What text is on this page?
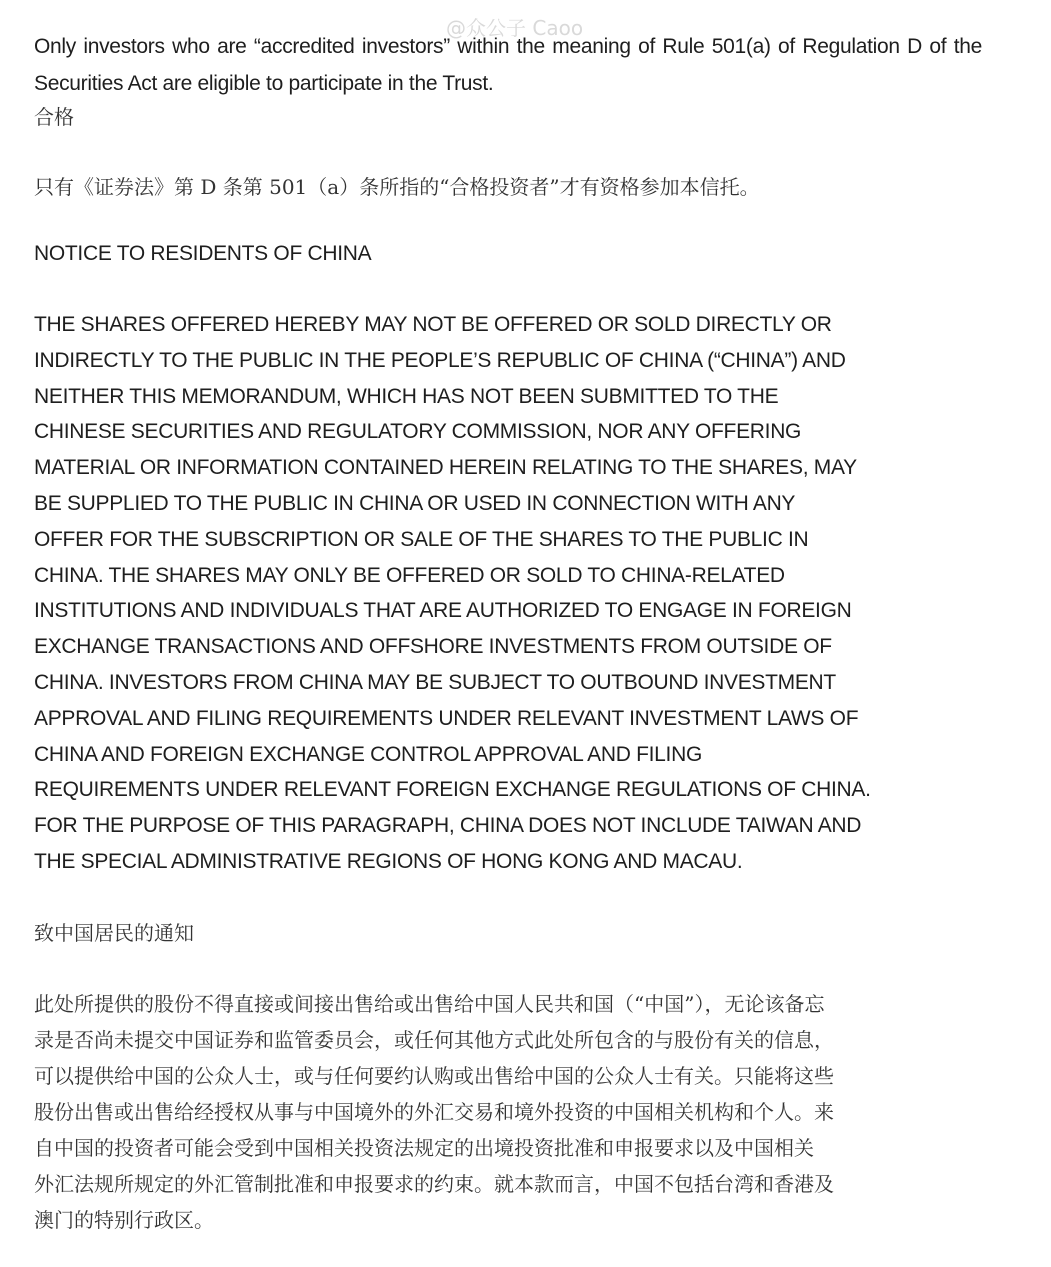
@众公子 Caoo

Only investors who are “accredited investors” within the meaning of Rule 501(a) of Regulation D of the Securities Act are eligible to participate in the Trust.

合格

只有《证券法》第 D 条第 501（a）条所指的“合格投资者”才有资格参加本信托。

NOTICE TO RESIDENTS OF CHINA

THE SHARES OFFERED HEREBY MAY NOT BE OFFERED OR SOLD DIRECTLY OR
INDIRECTLY TO THE PUBLIC IN THE PEOPLE’S REPUBLIC OF CHINA (“CHINA”) AND
NEITHER THIS MEMORANDUM, WHICH HAS NOT BEEN SUBMITTED TO THE
CHINESE SECURITIES AND REGULATORY COMMISSION, NOR ANY OFFERING
MATERIAL OR INFORMATION CONTAINED HEREIN RELATING TO THE SHARES, MAY
BE SUPPLIED TO THE PUBLIC IN CHINA OR USED IN CONNECTION WITH ANY
OFFER FOR THE SUBSCRIPTION OR SALE OF THE SHARES TO THE PUBLIC IN
CHINA. THE SHARES MAY ONLY BE OFFERED OR SOLD TO CHINA-RELATED
INSTITUTIONS AND INDIVIDUALS THAT ARE AUTHORIZED TO ENGAGE IN FOREIGN
EXCHANGE TRANSACTIONS AND OFFSHORE INVESTMENTS FROM OUTSIDE OF
CHINA. INVESTORS FROM CHINA MAY BE SUBJECT TO OUTBOUND INVESTMENT
APPROVAL AND FILING REQUIREMENTS UNDER RELEVANT INVESTMENT LAWS OF
CHINA AND FOREIGN EXCHANGE CONTROL APPROVAL AND FILING
REQUIREMENTS UNDER RELEVANT FOREIGN EXCHANGE REGULATIONS OF CHINA.
FOR THE PURPOSE OF THIS PARAGRAPH, CHINA DOES NOT INCLUDE TAIWAN AND
THE SPECIAL ADMINISTRATIVE REGIONS OF HONG KONG AND MACAU.

致中国居民的通知

此处所提供的股份不得直接或间接出售给或出售给中国人民共和国（“中国”），无论该备忘
录是否尚未提交中国证券和监管委员会，或任何其他方式此处所包含的与股份有关的信息，
可以提供给中国的公众人士，或与任何要约认购或出售给中国的公众人士有关。只能将这些
股份出售或出售给经授权从事与中国境外的外汇交易和境外投资的中国相关机构和个人。来
自中国的投资者可能会受到中国相关投资法规定的出境投资批准和申报要求以及中国相关
外汇法规所规定的外汇管制批准和申报要求的约束。就本款而言，中国不包括台湾和香港及
澳门的特别行政区。
